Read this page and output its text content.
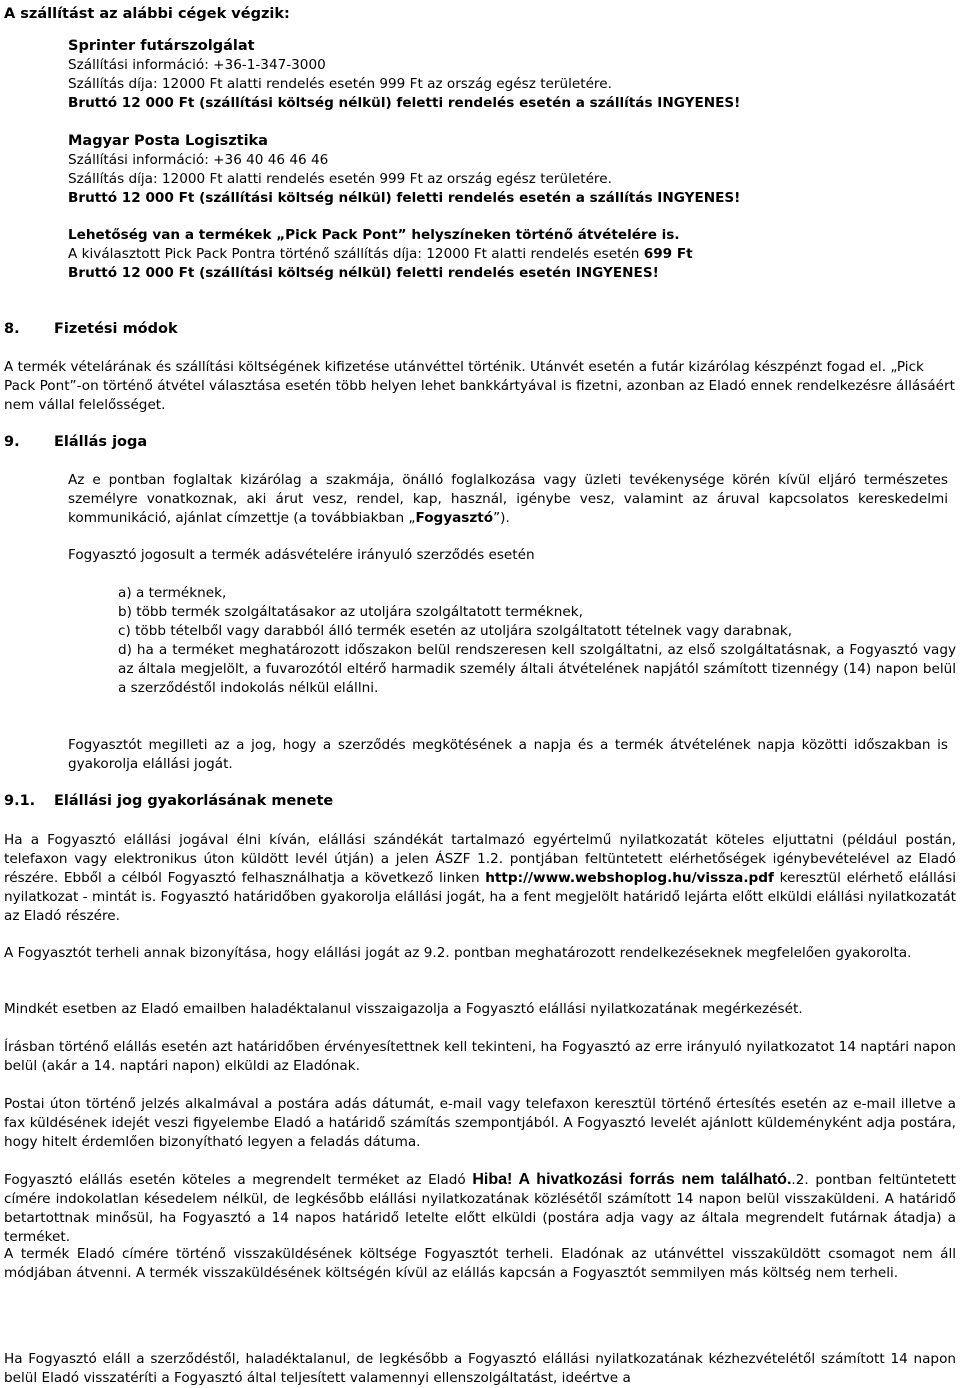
A szállítást az alábbi cégek végzik:
Sprinter futárszolgálat
Szállítási információ: +36-1-347-3000
Szállítás díja: 12000 Ft alatti rendelés esetén 999 Ft az ország egész területére.
Bruttó 12 000 Ft (szállítási költség nélkül) feletti rendelés esetén a szállítás INGYENES!
Magyar Posta Logisztika
Szállítási információ: +36 40 46 46 46
Szállítás díja: 12000 Ft alatti rendelés esetén 999 Ft az ország egész területére.
Bruttó 12 000 Ft (szállítási költség nélkül) feletti rendelés esetén a szállítás INGYENES!
Lehetőség van a termékek „Pick Pack Pont” helyszíneken történő átvételére is.
A kiválasztott Pick Pack Pontra történő szállítás díja: 12000 Ft alatti rendelés esetén 699 Ft
Bruttó 12 000 Ft (szállítási költség nélkül) feletti rendelés esetén INGYENES!
8. Fizetési módok

A termék vételárának és szállítási költségének kifizetése utánvéttel történik. Utánvét esetén a futár kizárólag készpénzt fogad el. „Pick Pack Pont”-on történő átvétel választása esetén több helyen lehet bankkártyával is fizetni, azonban az Eladó ennek rendelkezésre állásáért nem vállal felelősséget.

9. Elállás joga

Az e pontban foglaltak kizárólag a szakmája, önálló foglalkozása vagy üzleti tevékenysége körén kívül eljáró természetes személyre vonatkoznak, aki árut vesz, rendel, kap, használ, igénybe vesz, valamint az áruval kapcsolatos kereskedelmi kommunikáció, ajánlat címzettje (a továbbiakban „Fogyasztó”).

Fogyasztó jogosult a termék adásvételére irányuló szerződés esetén

a) a terméknek,
b) több termék szolgáltatásakor az utoljára szolgáltatott terméknek,
c) több tételből vagy darabból álló termék esetén az utoljára szolgáltatott tételnek vagy darabnak,
d) ha a terméket meghatározott időszakon belül rendszeresen kell szolgáltatni, az első szolgáltatásnak, a Fogyasztó vagy az általa megjelölt, a fuvarozótól eltérő harmadik személy általi átvételének napjától számított tizennégy (14) napon belül a szerződéstől indokolás nélkül elállni.

Fogyasztót megilleti az a jog, hogy a szerződés megkötésének a napja és a termék átvételének napja közötti időszakban is gyakorolja elállási jogát.

9.1. Elállási jog gyakorlásának menete

Ha a Fogyasztó elállási jogával élni kíván, elállási szándékát tartalmazó egyértelmű nyilatkozatát köteles eljuttatni (például postán, telefaxon vagy elektronikus úton küldött levél útján) a jelen ÁSZF 1.2. pontjában feltüntetett elérhetőségek igénybevételével az Eladó részére. Ebből a célból Fogyasztó felhasználhatja a következő linken http://www.webshoplog.hu/vissza.pdf keresztül elérhető elállási nyilatkozat - mintát is. Fogyasztó határidőben gyakorolja elállási jogát, ha a fent megjelölt határidő lejárta előtt elküldi elállási nyilatkozatát az Eladó részére.

A Fogyasztót terheli annak bizonyítása, hogy elállási jogát az 9.2. pontban meghatározott rendelkezéseknek megfelelően gyakorolta.

Mindkét esetben az Eladó emailben haladéktalanul visszaigazolja a Fogyasztó elállási nyilatkozatának megérkezését.

Írásban történő elállás esetén azt határidőben érvényesítettnek kell tekinteni, ha Fogyasztó az erre irányuló nyilatkozatot 14 naptári napon belül (akár a 14. naptári napon) elküldi az Eladónak.

Postai úton történő jelzés alkalmával a postára adás dátumát, e-mail vagy telefaxon keresztül történő értesítés esetén az e-mail illetve a fax küldésének idejét veszi figyelembe Eladó a határidő számítás szempontjából. A Fogyasztó levelét ajánlott küldeményként adja postára, hogy hitelt érdemlően bizonyítható legyen a feladás dátuma.

Fogyasztó elállás esetén köteles a megrendelt terméket az Eladó Hiba! A hivatkozási forrás nem található..2. pontban feltüntetett címére indokolatlan késedelem nélkül, de legkésőbb elállási nyilatkozatának közlésétől számított 14 napon belül visszaküldeni. A határidő betartottnak minősül, ha Fogyasztó a 14 napos határidő letelte előtt elküldi (postára adja vagy az általa megrendelt futárnak átadja) a terméket.

A termék Eladó címére történő visszaküldésének költsége Fogyasztót terheli. Eladónak az utánvéttel visszaküldött csomagot nem áll módjában átvenni. A termék visszaküldésének költségén kívül az elállás kapcsán a Fogyasztót semmilyen más költség nem terheli.

Ha Fogyasztó eláll a szerződéstől, haladéktalanul, de legkésőbb a Fogyasztó elállási nyilatkozatának kézhezvételétől számított 14 napon belül Eladó visszatéríti a Fogyasztó által teljesített valamennyi ellenszolgáltatást, ideértve a
